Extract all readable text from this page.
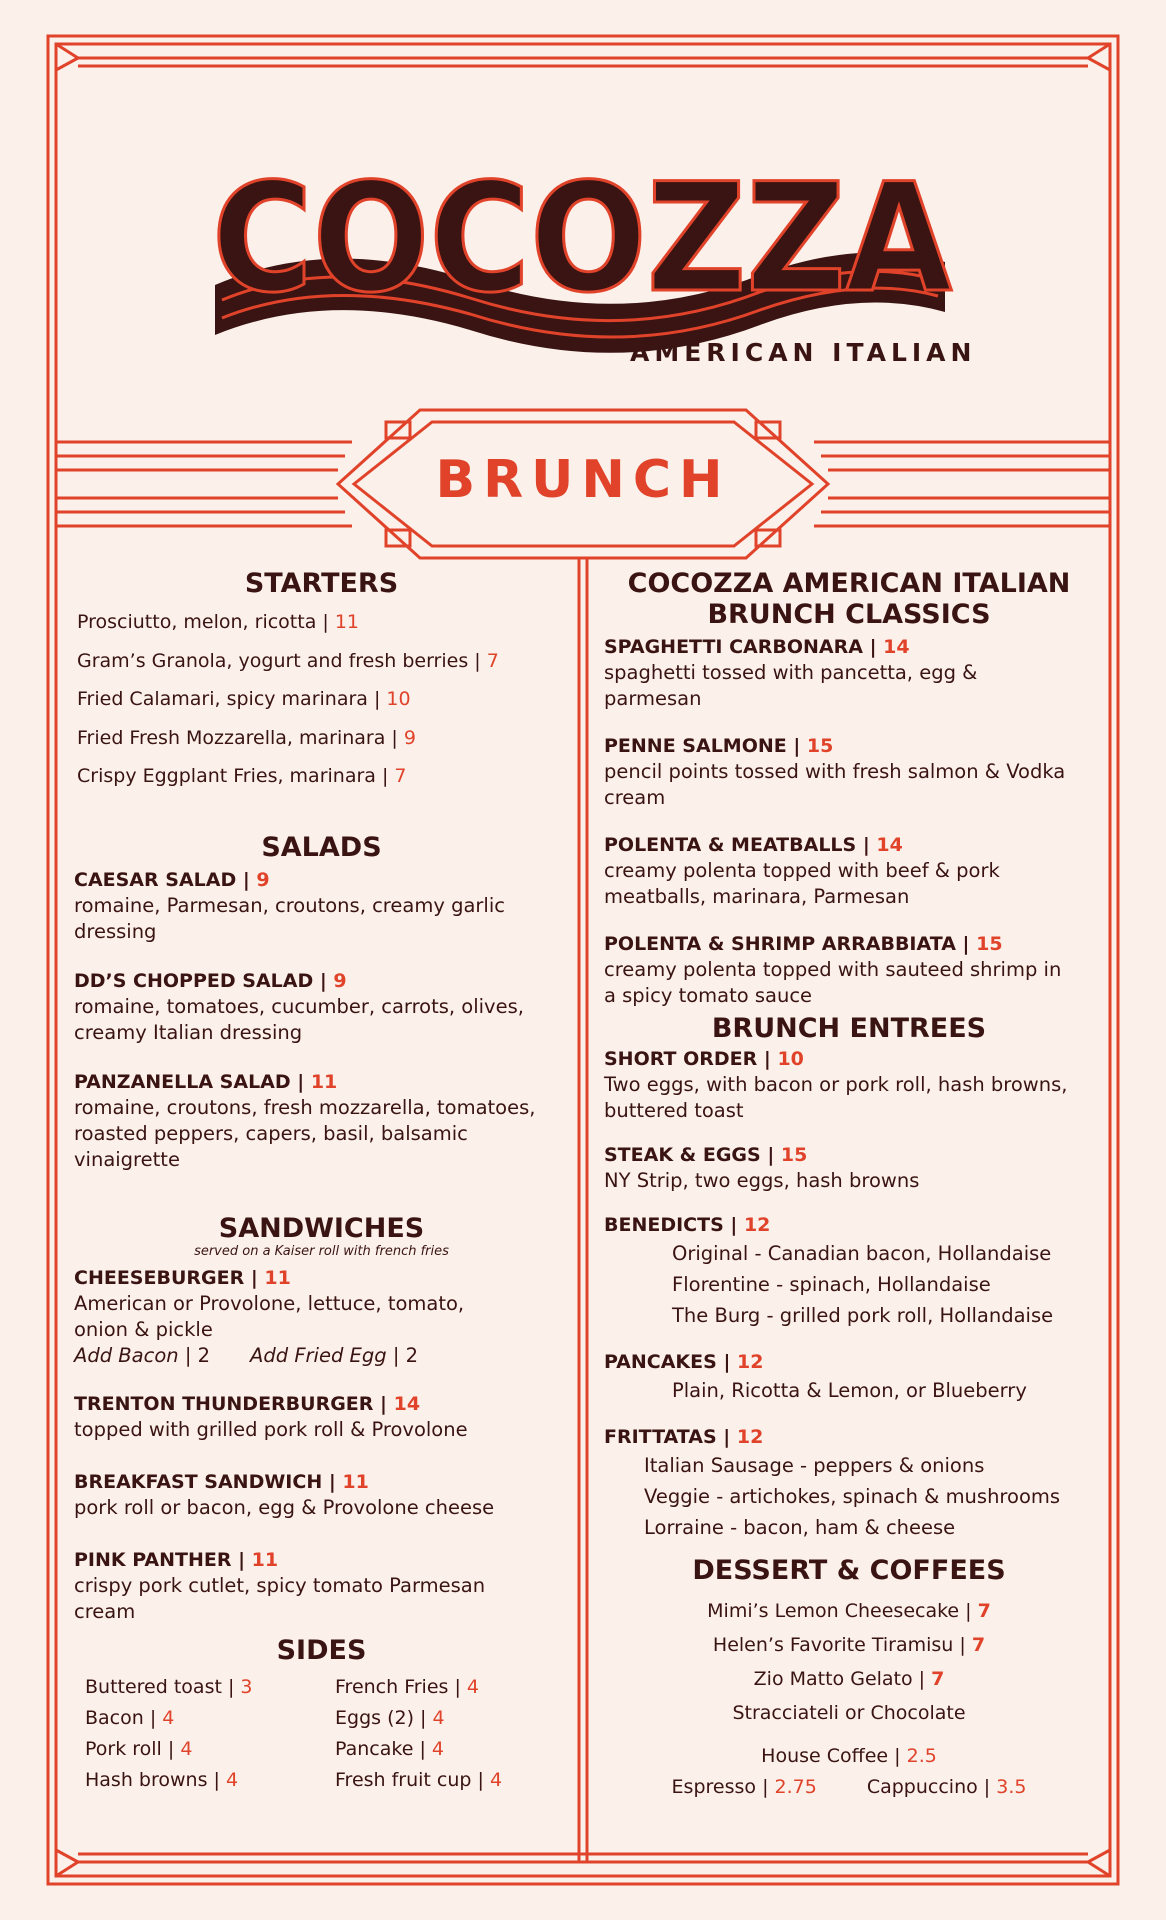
COCOZZA
AMERICAN ITALIAN
BRUNCH
STARTERS
Prosciutto, melon, ricotta | 11
Gram’s Granola, yogurt and fresh berries | 7
Fried Calamari, spicy marinara | 10
Fried Fresh Mozzarella, marinara | 9
Crispy Eggplant Fries, marinara | 7
SALADS
CAESAR SALAD | 9
romaine, Parmesan, croutons, creamy garlic
dressing
DD’S CHOPPED SALAD | 9
romaine, tomatoes, cucumber, carrots, olives,
creamy Italian dressing
PANZANELLA SALAD | 11
romaine, croutons, fresh mozzarella, tomatoes,
roasted peppers, capers, basil, balsamic
vinaigrette
SANDWICHES
served on a Kaiser roll with french fries
CHEESEBURGER | 11
American or Provolone, lettuce, tomato,
onion & pickle
Add Bacon | 2 Add Fried Egg | 2
TRENTON THUNDERBURGER | 14
topped with grilled pork roll & Provolone
BREAKFAST SANDWICH | 11
pork roll or bacon, egg & Provolone cheese
PINK PANTHER | 11
crispy pork cutlet, spicy tomato Parmesan
cream
SIDES
Buttered toast | 3	French Fries | 4
Bacon | 4	Eggs (2) | 4
Pork roll | 4	Pancake | 4
Hash browns | 4	Fresh fruit cup | 4
COCOZZA AMERICAN ITALIAN
BRUNCH CLASSICS
SPAGHETTI CARBONARA | 14
spaghetti tossed with pancetta, egg &
parmesan
PENNE SALMONE | 15
pencil points tossed with fresh salmon & Vodka
cream
POLENTA & MEATBALLS | 14
creamy polenta topped with beef & pork
meatballs, marinara, Parmesan
POLENTA & SHRIMP ARRABBIATA | 15
creamy polenta topped with sauteed shrimp in
a spicy tomato sauce
BRUNCH ENTREES
SHORT ORDER | 10
Two eggs, with bacon or pork roll, hash browns,
buttered toast
STEAK & EGGS | 15
NY Strip, two eggs, hash browns
BENEDICTS | 12
Original - Canadian bacon, Hollandaise
Florentine - spinach, Hollandaise
The Burg - grilled pork roll, Hollandaise
PANCAKES | 12
Plain, Ricotta & Lemon, or Blueberry
FRITTATAS | 12
Italian Sausage - peppers & onions
Veggie - artichokes, spinach & mushrooms
Lorraine - bacon, ham & cheese
DESSERT & COFFEES
Mimi’s Lemon Cheesecake | 7
Helen’s Favorite Tiramisu | 7
Zio Matto Gelato | 7
Stracciateli or Chocolate
House Coffee | 2.5
Espresso | 2.75	Cappuccino | 3.5
